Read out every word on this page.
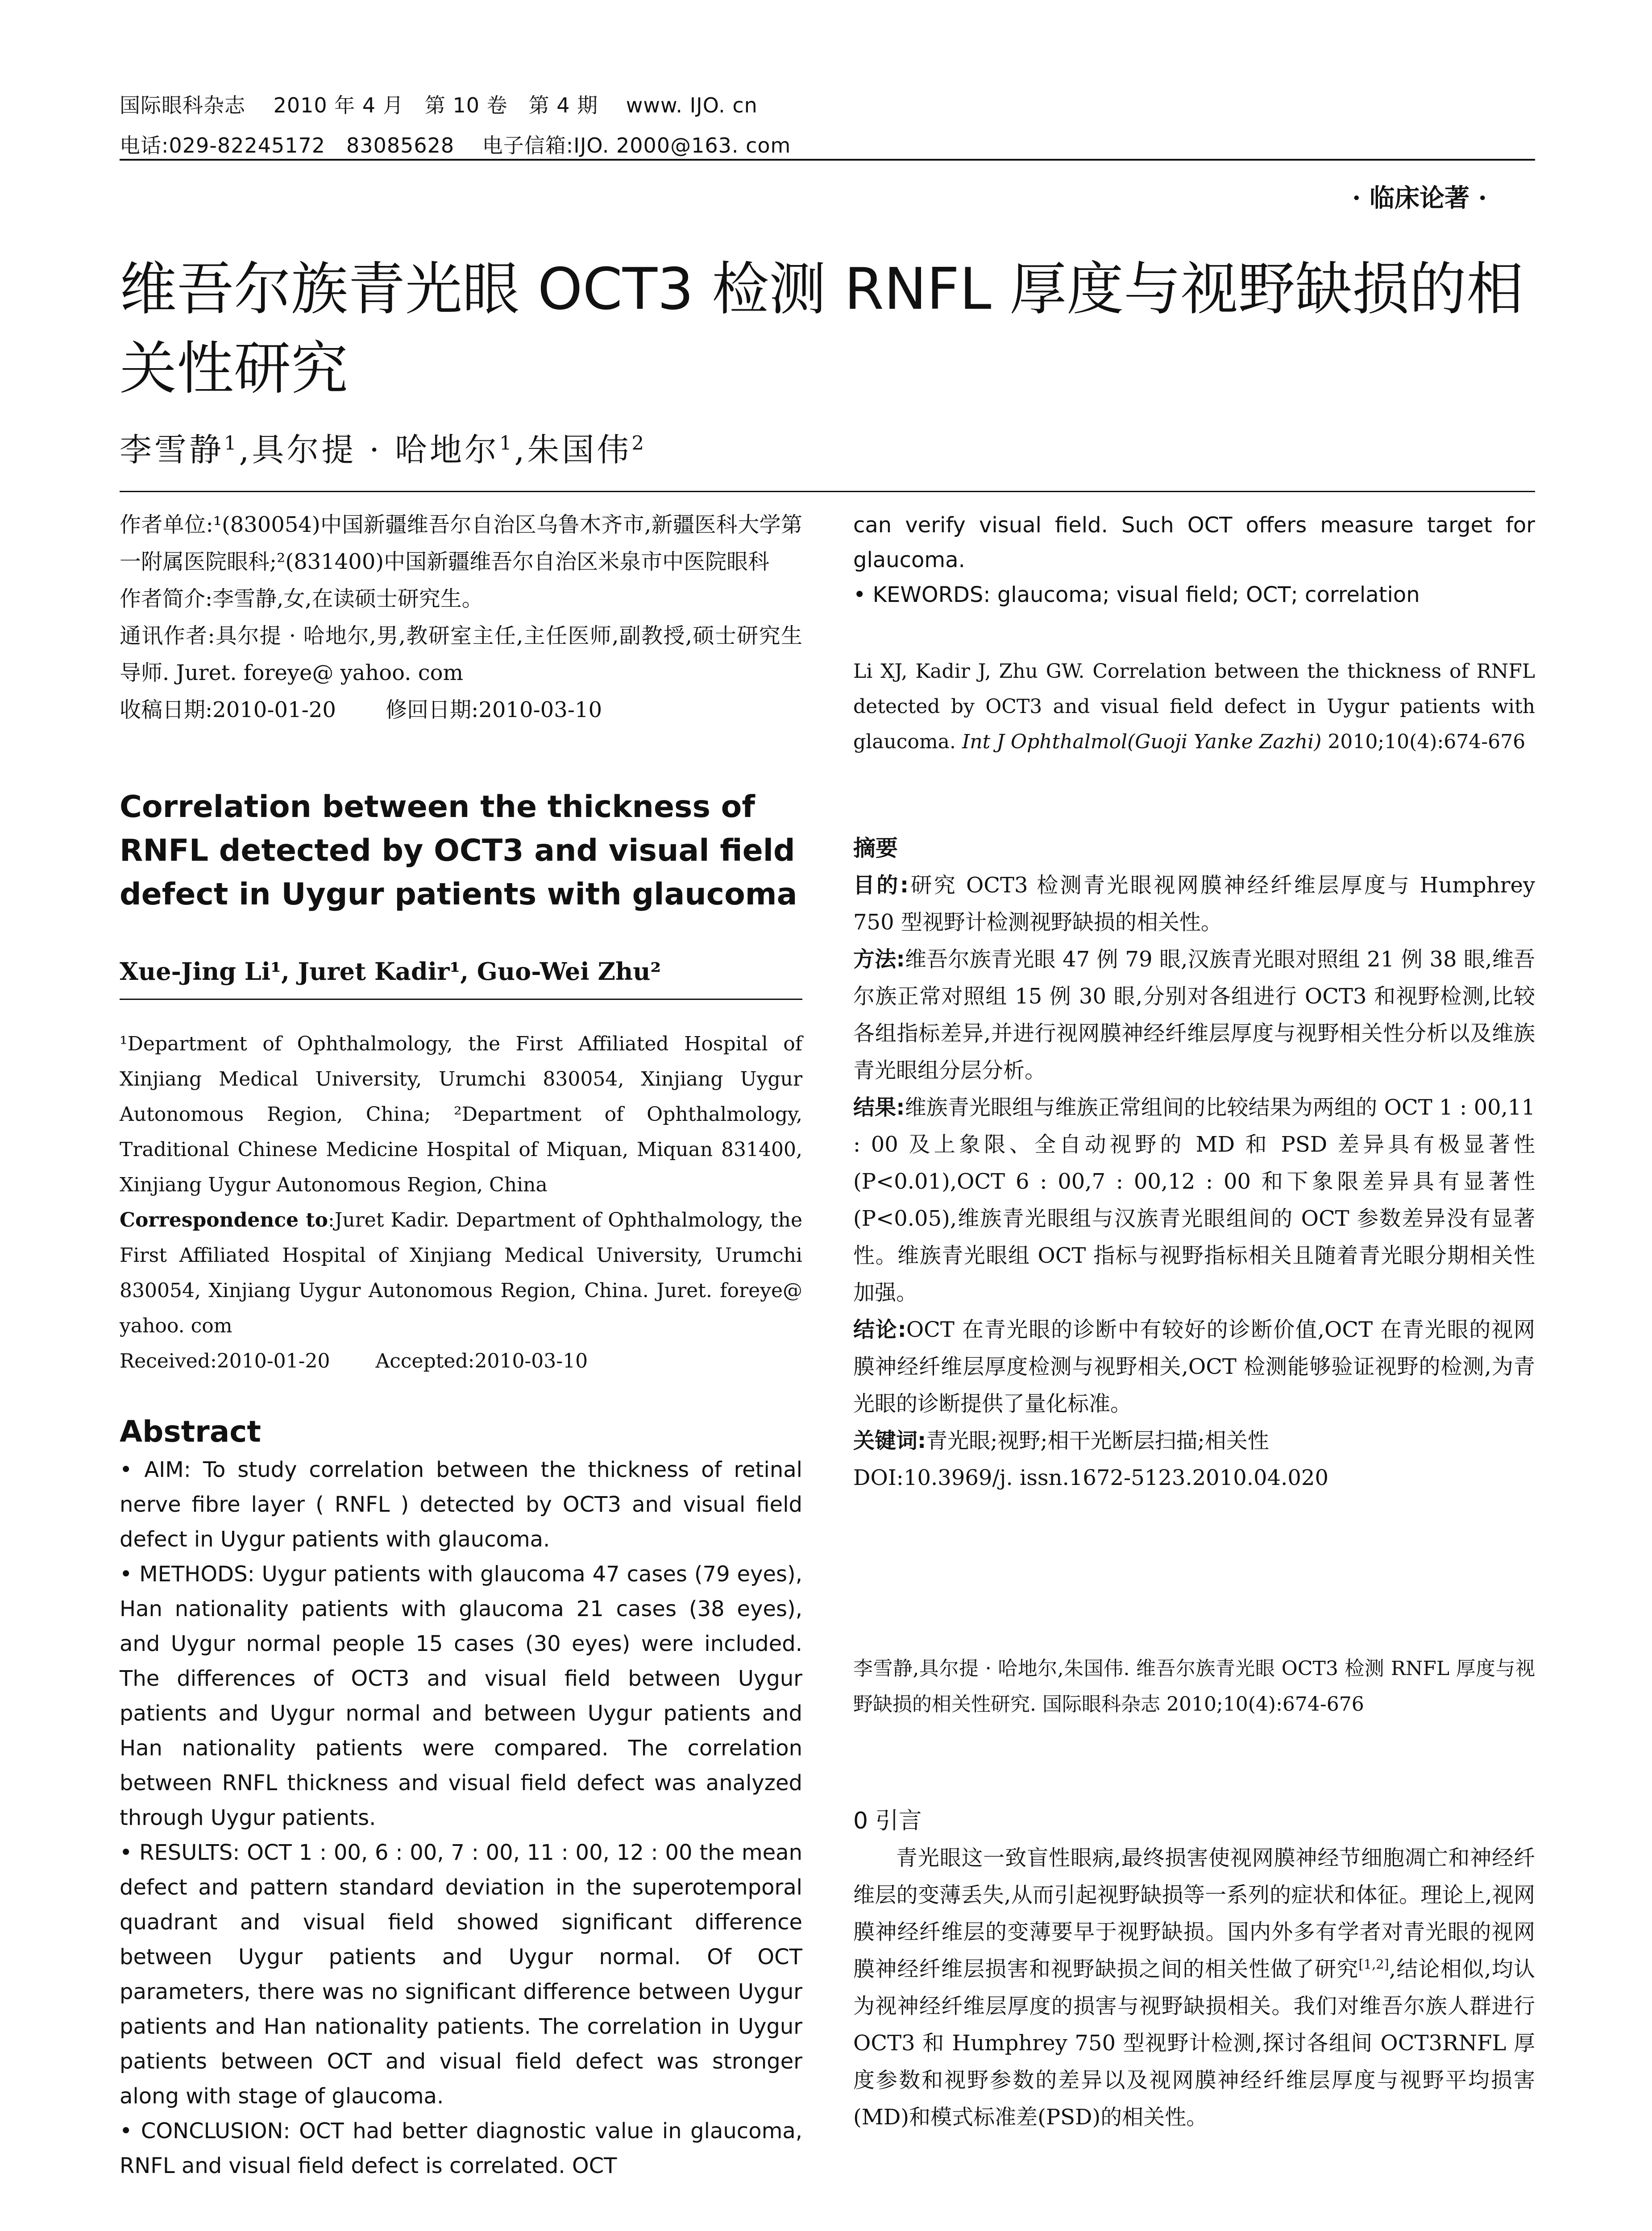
国际眼科杂志　 2010 年 4 月　第 10 卷　第 4 期　 www. IJO. cn
电话:029-82245172　83085628　 电子信箱:IJO. 2000@163. com
· 临床论著 ·
维吾尔族青光眼 OCT3 检测 RNFL 厚度与视野缺损的相
关性研究
李雪静$^1$,具尔提 · 哈地尔$^1$,朱国伟$^2$

作者单位:¹(830054)中国新疆维吾尔自治区乌鲁木齐市,新疆医科大学第一附属医院眼科;²(831400)中国新疆维吾尔自治区米泉市中医院眼科

作者简介:李雪静,女,在读硕士研究生。

通讯作者:具尔提 · 哈地尔,男,教研室主任,主任医师,副教授,硕士研究生导师. Juret. foreye@ yahoo. com

收稿日期:2010-01-20　　 修回日期:2010-03-10

Correlation between the thickness of RNFL detected by OCT3 and visual field defect in Uygur patients with glaucoma

Xue-Jing Li¹, Juret Kadir¹, Guo-Wei Zhu²

¹Department of Ophthalmology, the First Affiliated Hospital of Xinjiang Medical University, Urumchi 830054, Xinjiang Uygur Autonomous Region, China; ²Department of Ophthalmology, Traditional Chinese Medicine Hospital of Miquan, Miquan 831400, Xinjiang Uygur Autonomous Region, China

Correspondence to:Juret Kadir. Department of Ophthalmology, the First Affiliated Hospital of Xinjiang Medical University, Urumchi 830054, Xinjiang Uygur Autonomous Region, China. Juret. foreye@ yahoo. com

Received:2010-01-20　　 Accepted:2010-03-10

Abstract

• AIM: To study correlation between the thickness of retinal nerve fibre layer ( RNFL ) detected by OCT3 and visual field defect in Uygur patients with glaucoma.

• METHODS: Uygur patients with glaucoma 47 cases (79 eyes), Han nationality patients with glaucoma 21 cases (38 eyes), and Uygur normal people 15 cases (30 eyes) were included. The differences of OCT3 and visual field between Uygur patients and Uygur normal and between Uygur patients and Han nationality patients were compared. The correlation between RNFL thickness and visual field defect was analyzed through Uygur patients.

• RESULTS: OCT 1 : 00, 6 : 00, 7 : 00, 11 : 00, 12 : 00 the mean defect and pattern standard deviation in the superotemporal quadrant and visual field showed significant difference between Uygur patients and Uygur normal. Of OCT parameters, there was no significant difference between Uygur patients and Han nationality patients. The correlation in Uygur patients between OCT and visual field defect was stronger along with stage of glaucoma.

• CONCLUSION: OCT had better diagnostic value in glaucoma, RNFL and visual field defect is correlated. OCT

can verify visual field. Such OCT offers measure target for glaucoma.

• KEWORDS: glaucoma; visual field; OCT; correlation

Li XJ, Kadir J, Zhu GW. Correlation between the thickness of RNFL detected by OCT3 and visual field defect in Uygur patients with glaucoma. Int J Ophthalmol(Guoji Yanke Zazhi) 2010;10(4):674-676

摘要

目的:研究 OCT3 检测青光眼视网膜神经纤维层厚度与 Humphrey 750 型视野计检测视野缺损的相关性。

方法:维吾尔族青光眼 47 例 79 眼,汉族青光眼对照组 21 例 38 眼,维吾尔族正常对照组 15 例 30 眼,分别对各组进行 OCT3 和视野检测,比较各组指标差异,并进行视网膜神经纤维层厚度与视野相关性分析以及维族青光眼组分层分析。

结果:维族青光眼组与维族正常组间的比较结果为两组的 OCT 1 : 00,11 : 00 及上象限、全自动视野的 MD 和 PSD 差异具有极显著性(P<0.01),OCT 6 : 00,7 : 00,12 : 00 和下象限差异具有显著性(P<0.05),维族青光眼组与汉族青光眼组间的 OCT 参数差异没有显著性。维族青光眼组 OCT 指标与视野指标相关且随着青光眼分期相关性加强。

结论:OCT 在青光眼的诊断中有较好的诊断价值,OCT 在青光眼的视网膜神经纤维层厚度检测与视野相关,OCT 检测能够验证视野的检测,为青光眼的诊断提供了量化标准。

关键词:青光眼;视野;相干光断层扫描;相关性

DOI:10.3969/j. issn.1672-5123.2010.04.020

李雪静,具尔提 · 哈地尔,朱国伟. 维吾尔族青光眼 OCT3 检测 RNFL 厚度与视野缺损的相关性研究. 国际眼科杂志 2010;10(4):674-676

0 引言

青光眼这一致盲性眼病,最终损害使视网膜神经节细胞凋亡和神经纤维层的变薄丢失,从而引起视野缺损等一系列的症状和体征。理论上,视网膜神经纤维层的变薄要早于视野缺损。国内外多有学者对青光眼的视网膜神经纤维层损害和视野缺损之间的相关性做了研究[1,2],结论相似,均认为视神经纤维层厚度的损害与视野缺损相关。我们对维吾尔族人群进行 OCT3 和 Humphrey 750 型视野计检测,探讨各组间 OCT3RNFL 厚度参数和视野参数的差异以及视网膜神经纤维层厚度与视野平均损害(MD)和模式标准差(PSD)的相关性。
